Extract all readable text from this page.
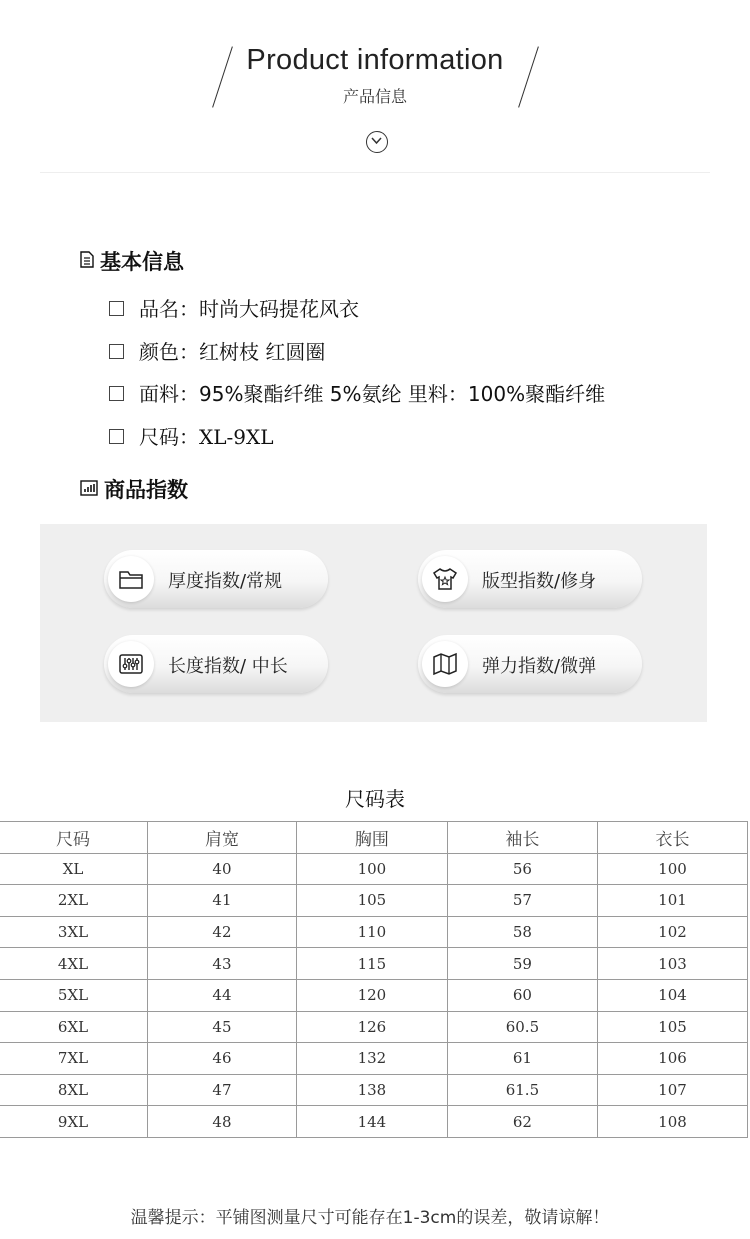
Product information
产品信息
基本信息
品名：时尚大码提花风衣
颜色：红树枝 红圆圈
面料：95%聚酯纤维 5%氨纶 里料：100%聚酯纤维
尺码：XL-9XL
商品指数
厚度指数/常规	版型指数/修身
长度指数/ 中长	弹力指数/微弹
尺码表
尺码	肩宽	胸围	袖长	衣长
XL	40	100	56	100
2XL	41	105	57	101
3XL	42	110	58	102
4XL	43	115	59	103
5XL	44	120	60	104
6XL	45	126	60.5	105
7XL	46	132	61	106
8XL	47	138	61.5	107
9XL	48	144	62	108
温馨提示：平铺图测量尺寸可能存在1-3cm的误差，敬请谅解！
